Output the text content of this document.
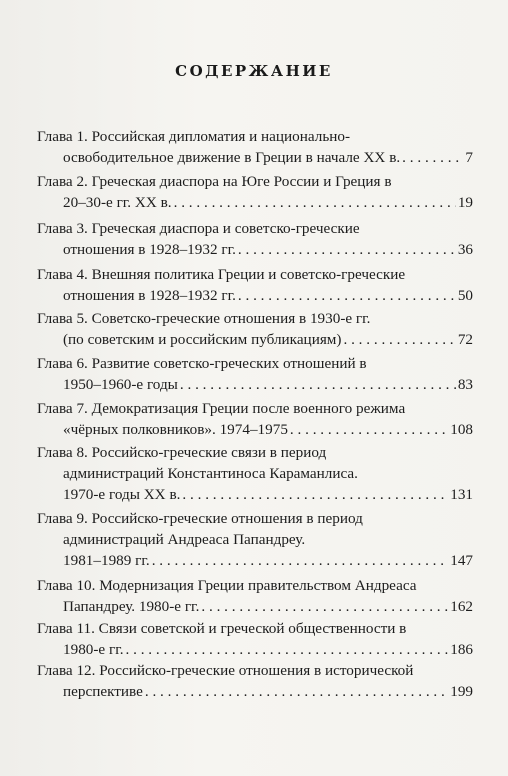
СОДЕРЖАНИЕ
Глава 1. Российская дипломатия и национально-
освободительное движение в Греции в начале XX в. . . .	7
Глава 2. Греческая диаспора на Юге России и Греция в
20–30-е гг. XX в. . . .	19
Глава 3. Греческая диаспора и советско-греческие
отношения в 1928–1932 гг. . . .	36
Глава 4. Внешняя политика Греции и советско-греческие
отношения в 1928–1932 гг. . . .	50
Глава 5. Советско-греческие отношения в 1930-е гг.
(по советским и российским публикациям) . . .	72
Глава 6. Развитие советско-греческих отношений в
1950–1960-е годы . . .	83
Глава 7. Демократизация Греции после военного режима
«чёрных полковников». 1974–1975 . . .	108
Глава 8. Российско-греческие связи в период
администраций Константиноса Караманлиса.
1970-е годы XX в. . . .	131
Глава 9. Российско-греческие отношения в период
администраций Андреаса Папандреу.
1981–1989 гг. . . .	147
Глава 10. Модернизация Греции правительством Андреаса
Папандреу. 1980-е гг. . . .	162
Глава 11. Связи советской и греческой общественности в
1980-е гг. . . .	186
Глава 12. Российско-греческие отношения в исторической
перспективе . . .	199
